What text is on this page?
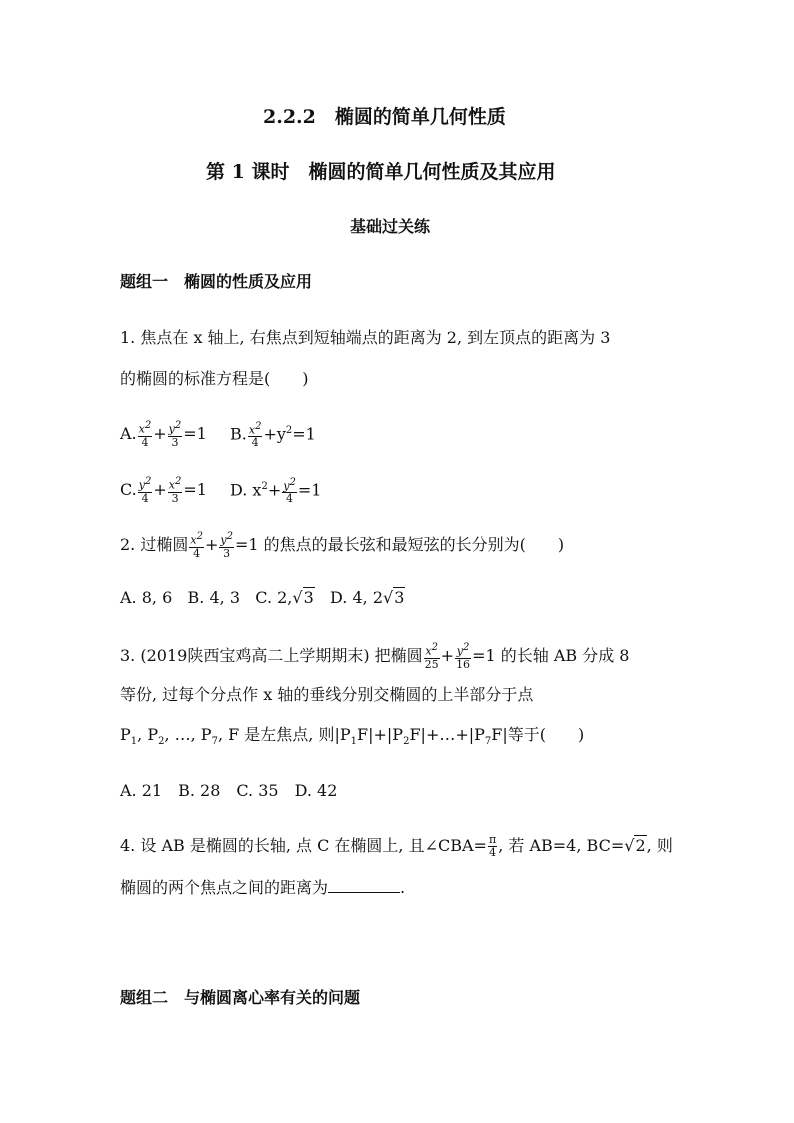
2.2.2　椭圆的简单几何性质
第 1 课时　椭圆的简单几何性质及其应用
基础过关练
题组一　椭圆的性质及应用
1. 焦点在 x 轴上, 右焦点到短轴端点的距离为 2, 到左顶点的距离为 3
的椭圆的标准方程是(　　)
A. $\frac{x^2}{4} + \frac{y^2}{3} =1$ B. $\frac{x^2}{4} +y^2=1$
C. $\frac{y^2}{4} + \frac{x^2}{3} =1$ D. $x^2+ \frac{y^2}{4} =1$
2. 过椭圆 $\frac{x^2}{4} + \frac{y^2}{3} =1$ 的焦点的最长弦和最短弦的长分别为(　　)
A. 8, 6 B. 4, 3 C. 2,√3 D. 4, 2√3
3. (2019陕西宝鸡高二上学期期末) 把椭圆 $\frac{x^2}{25} + \frac{y^2}{16} =1$ 的长轴 AB 分成 8
等份, 过每个分点作 x 轴的垂线分别交椭圆的上半部分于点
$P_1$, $P_2$, …, $P_7$, F 是左焦点, 则$|P_1F|+|P_2F|+\dots+|P_7F|$等于(　　)
A. 21　B. 28　C. 35　D. 42
4. 设 AB 是椭圆的长轴, 点 C 在椭圆上, 且∠CBA= $\frac{\pi}{4}$ , 若 AB=4, BC=√2, 则
椭圆的两个焦点之间的距离为	.
题组二　与椭圆离心率有关的问题
